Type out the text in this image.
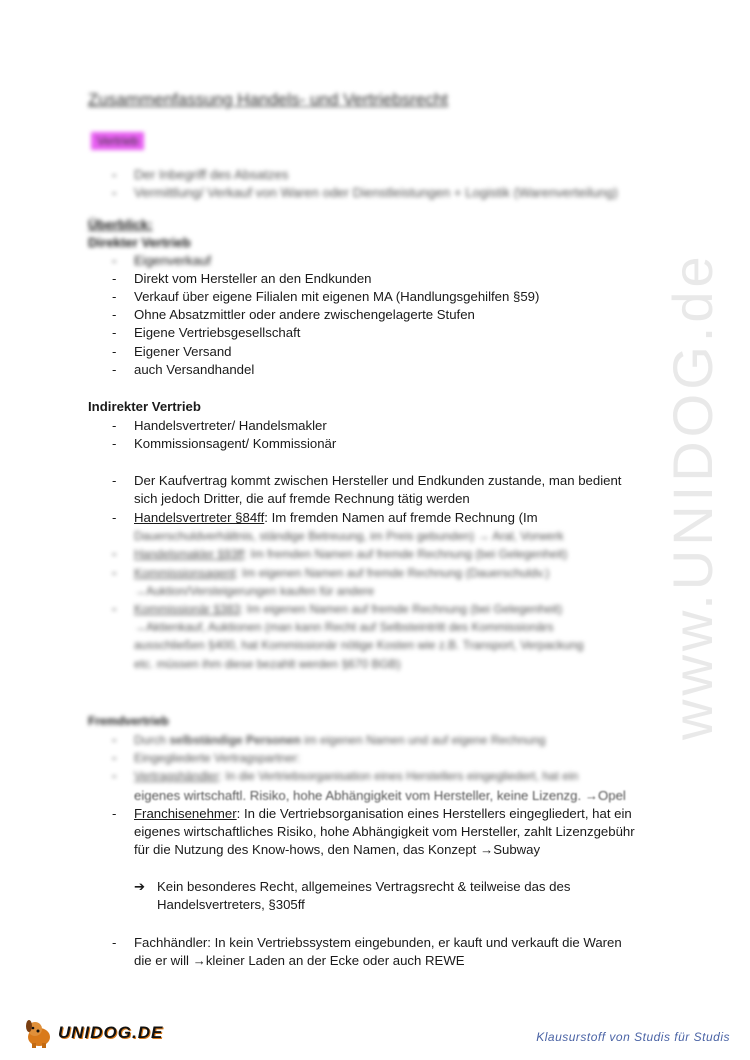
www.UNIDOG.de
Zusammenfassung Handels- und Vertriebsrecht
Vertrieb
- Der Inbegriff des Absatzes
- Vermittlung/ Verkauf von Waren oder Dienstleistungen + Logistik (Warenverteilung)
Überblick:
Direkter Vertrieb
- Eigenverkauf
- Direkt vom Hersteller an den Endkunden
- Verkauf über eigene Filialen mit eigenen MA (Handlungsgehilfen §59)
- Ohne Absatzmittler oder andere zwischengelagerte Stufen
- Eigene Vertriebsgesellschaft
- Eigener Versand
- auch Versandhandel
Indirekter Vertrieb
- Handelsvertreter/ Handelsmakler
- Kommissionsagent/ Kommissionär
- Der Kaufvertrag kommt zwischen Hersteller und Endkunden zustande, man bedient
sich jedoch Dritter, die auf fremde Rechnung tätig werden
- Handelsvertreter §84ff: Im fremden Namen auf fremde Rechnung (Im
Dauerschuldverhältnis, ständige Betreuung, im Preis gebunden) → Aral, Vorwerk
- Handelsmakler §93ff: Im fremden Namen auf fremde Rechnung (bei Gelegenheit)
- Kommissionsagent: Im eigenen Namen auf fremde Rechnung (Dauerschuldv.)
→Auktion/Versteigerungen kaufen für andere
- Kommissionär §383: Im eigenen Namen auf fremde Rechnung (bei Gelegenheit)
→Aktienkauf, Auktionen (man kann Recht auf Selbsteintritt des Kommissionärs
ausschließen §400, hat Kommissionär nötige Kosten wie z.B. Transport, Verpackung
etc. müssen ihm diese bezahlt werden §670 BGB)
Fremdvertrieb
- Durch selbständige Personen im eigenen Namen und auf eigene Rechnung
- Eingegliederte Vertragspartner:
- Vertragshändler: In die Vertriebsorganisation eines Herstellers eingegliedert, hat ein
eigenes wirtschaftl. Risiko, hohe Abhängigkeit vom Hersteller, keine Lizenzg. →Opel
- Franchisenehmer: In die Vertriebsorganisation eines Herstellers eingegliedert, hat ein
eigenes wirtschaftliches Risiko, hohe Abhängigkeit vom Hersteller, zahlt Lizenzgebühr
für die Nutzung des Know-hows, den Namen, das Konzept →Subway
➔ Kein besonderes Recht, allgemeines Vertragsrecht & teilweise das des
Handelsvertreters, §305ff
- Fachhändler: In kein Vertriebssystem eingebunden, er kauft und verkauft die Waren
die er will →kleiner Laden an der Ecke oder auch REWE
UNIDOG.DE	Klausurstoff von Studis für Studis
